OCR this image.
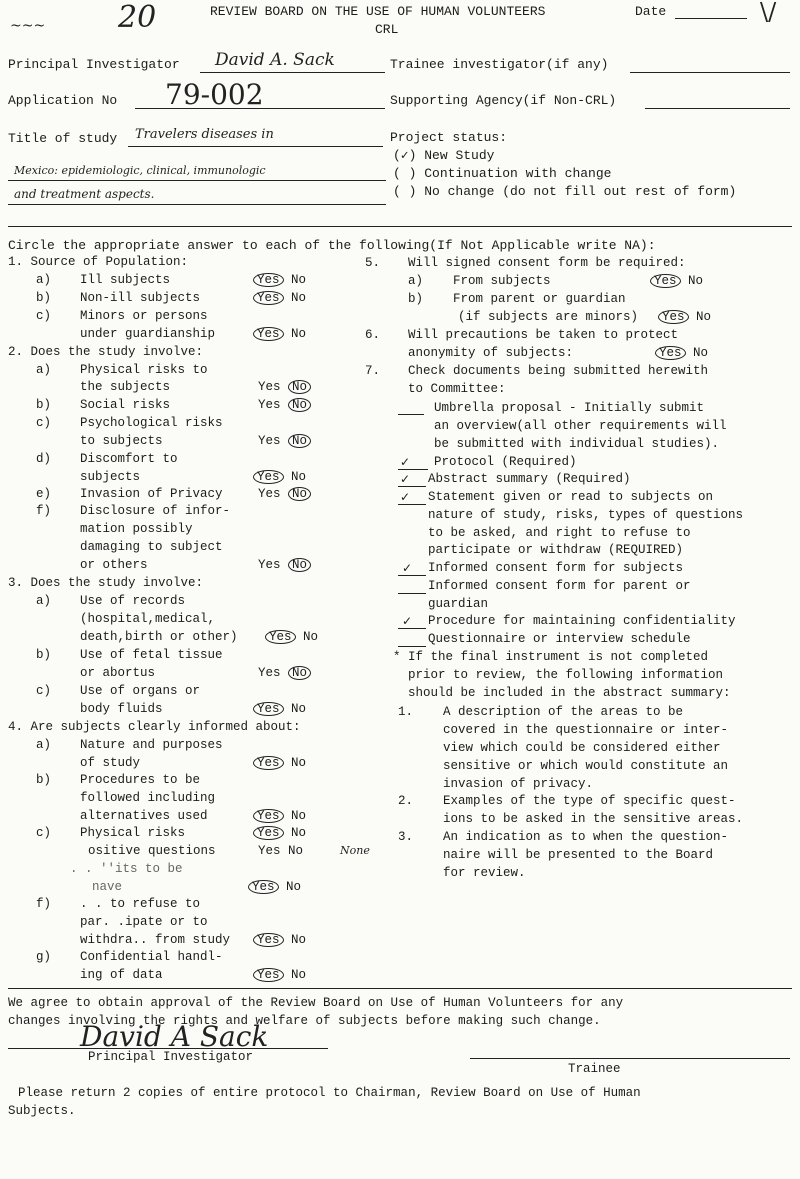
~~~ 20	REVIEW BOARD ON THE USE OF HUMAN VOLUNTEERS
CRL
Date	\/
Principal Investigator David A. Sack	Trainee investigator(if any)
Application No 79-002	Supporting Agency(if Non-CRL)
Title of study Travelers diseases in
Mexico: epidemiologic, clinical, immunologic
and treatment aspects.
Project status:
(✓) New Study
( ) Continuation with change
( ) No change (do not fill out rest of form)
Circle the appropriate answer to each of the following(If Not Applicable write NA):
1. Source of Population:
a) Ill subjects	Yes No
b) Non-ill subjects	Yes No
c) Minors or persons
under guardianship	Yes No
2. Does the study involve:
a) Physical risks to
the subjects	Yes No
b) Social risks	Yes No
c) Psychological risks
to subjects	Yes No
d) Discomfort to
subjects	Yes No
e) Invasion of Privacy	Yes No
f) Disclosure of infor-
mation possibly
damaging to subject
or others	Yes No
3. Does the study involve:
a) Use of records
(hospital,medical,
death,birth or other)	Yes No
b) Use of fetal tissue
or abortus	Yes No
c) Use of organs or
body fluids	Yes No
4. Are subjects clearly informed about:
a) Nature and purposes
of study	Yes No
b) Procedures to be
followed including
alternatives used	Yes No
c) Physical risks	Yes No
ositive questions	Yes No	None
. . ''its to be
nave	Yes No
f) . . to refuse to
par. .ipate or to
withdra.. from study	Yes No
g) Confidential handl-
ing of data	Yes No
5. Will signed consent form be required:
a) From subjects	Yes No
b) From parent or guardian
(if subjects are minors)	Yes No
6. Will precautions be taken to protect
anonymity of subjects:	Yes No
7. Check documents being submitted herewith
to Committee:
Umbrella proposal - Initially submit
an overview(all other requirements will
be submitted with individual studies).
✓ Protocol (Required)
✓ Abstract summary (Required)
✓ Statement given or read to subjects on
nature of study, risks, types of questions
to be asked, and right to refuse to
participate or withdraw (REQUIRED)
✓ Informed consent form for subjects
Informed consent form for parent or
guardian
✓ Procedure for maintaining confidentiality
Questionnaire or interview schedule
* If the final instrument is not completed
prior to review, the following information
should be included in the abstract summary:
1. A description of the areas to be
covered in the questionnaire or inter-
view which could be considered either
sensitive or which would constitute an
invasion of privacy.
2. Examples of the type of specific quest-
ions to be asked in the sensitive areas.
3. An indication as to when the question-
naire will be presented to the Board
for review.
We agree to obtain approval of the Review Board on Use of Human Volunteers for any
changes involving the rights and welfare of subjects before making such change.
David A Sack
Principal Investigator
Trainee
Please return 2 copies of entire protocol to Chairman, Review Board on Use of Human
Subjects.
